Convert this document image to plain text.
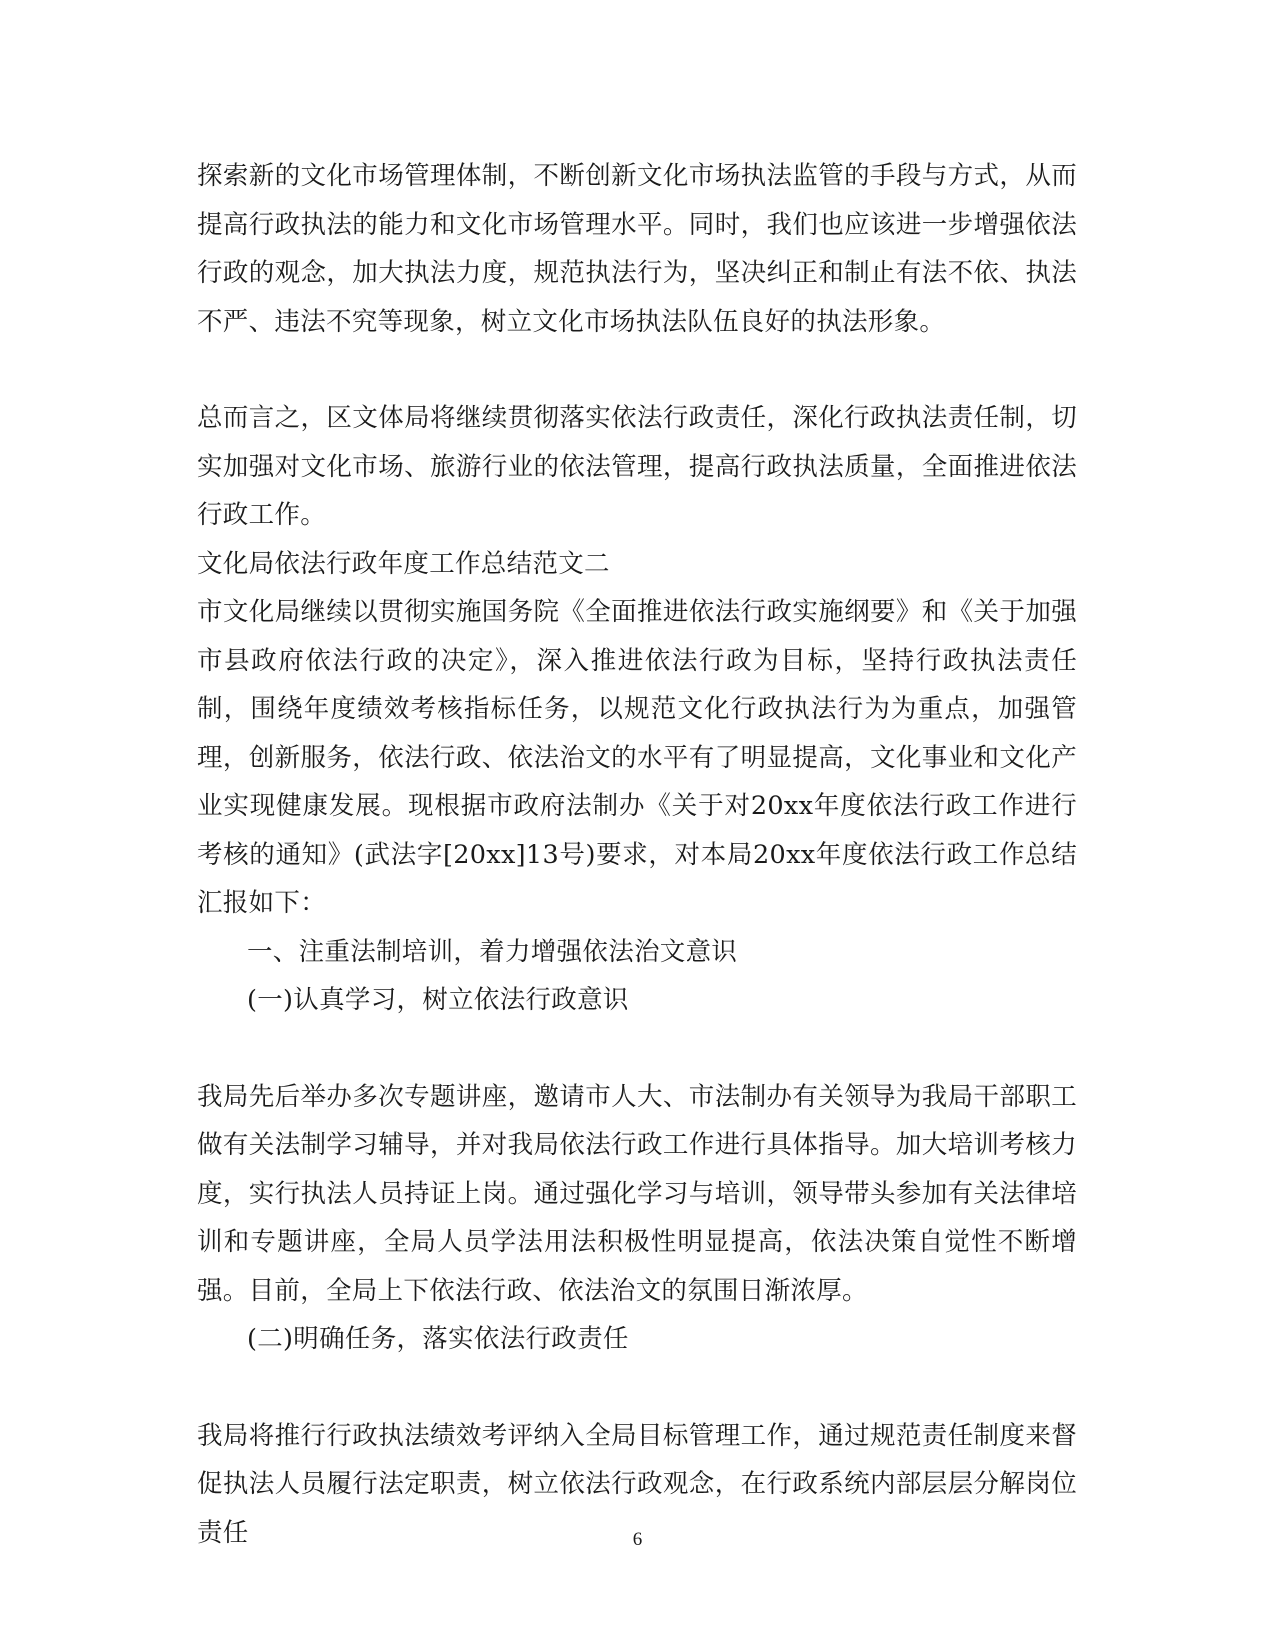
探索新的文化市场管理体制，不断创新文化市场执法监管的手段与方式，从而提高行政执法的能力和文化市场管理水平。同时，我们也应该进一步增强依法行政的观念，加大执法力度，规范执法行为，坚决纠正和制止有法不依、执法不严、违法不究等现象，树立文化市场执法队伍良好的执法形象。

总而言之，区文体局将继续贯彻落实依法行政责任，深化行政执法责任制，切实加强对文化市场、旅游行业的依法管理，提高行政执法质量，全面推进依法行政工作。

文化局依法行政年度工作总结范文二

市文化局继续以贯彻实施国务院《全面推进依法行政实施纲要》和《关于加强市县政府依法行政的决定》，深入推进依法行政为目标，坚持行政执法责任制，围绕年度绩效考核指标任务，以规范文化行政执法行为为重点，加强管理，创新服务，依法行政、依法治文的水平有了明显提高，文化事业和文化产业实现健康发展。现根据市政府法制办《关于对20xx年度依法行政工作进行考核的通知》(武法字[20xx]13号)要求，对本局20xx年度依法行政工作总结汇报如下：

一、注重法制培训，着力增强依法治文意识

(一)认真学习，树立依法行政意识

我局先后举办多次专题讲座，邀请市人大、市法制办有关领导为我局干部职工做有关法制学习辅导，并对我局依法行政工作进行具体指导。加大培训考核力度，实行执法人员持证上岗。通过强化学习与培训，领导带头参加有关法律培训和专题讲座，全局人员学法用法积极性明显提高，依法决策自觉性不断增强。目前，全局上下依法行政、依法治文的氛围日渐浓厚。

(二)明确任务，落实依法行政责任

我局将推行行政执法绩效考评纳入全局目标管理工作，通过规范责任制度来督促执法人员履行法定职责，树立依法行政观念，在行政系统内部层层分解岗位责任	6
